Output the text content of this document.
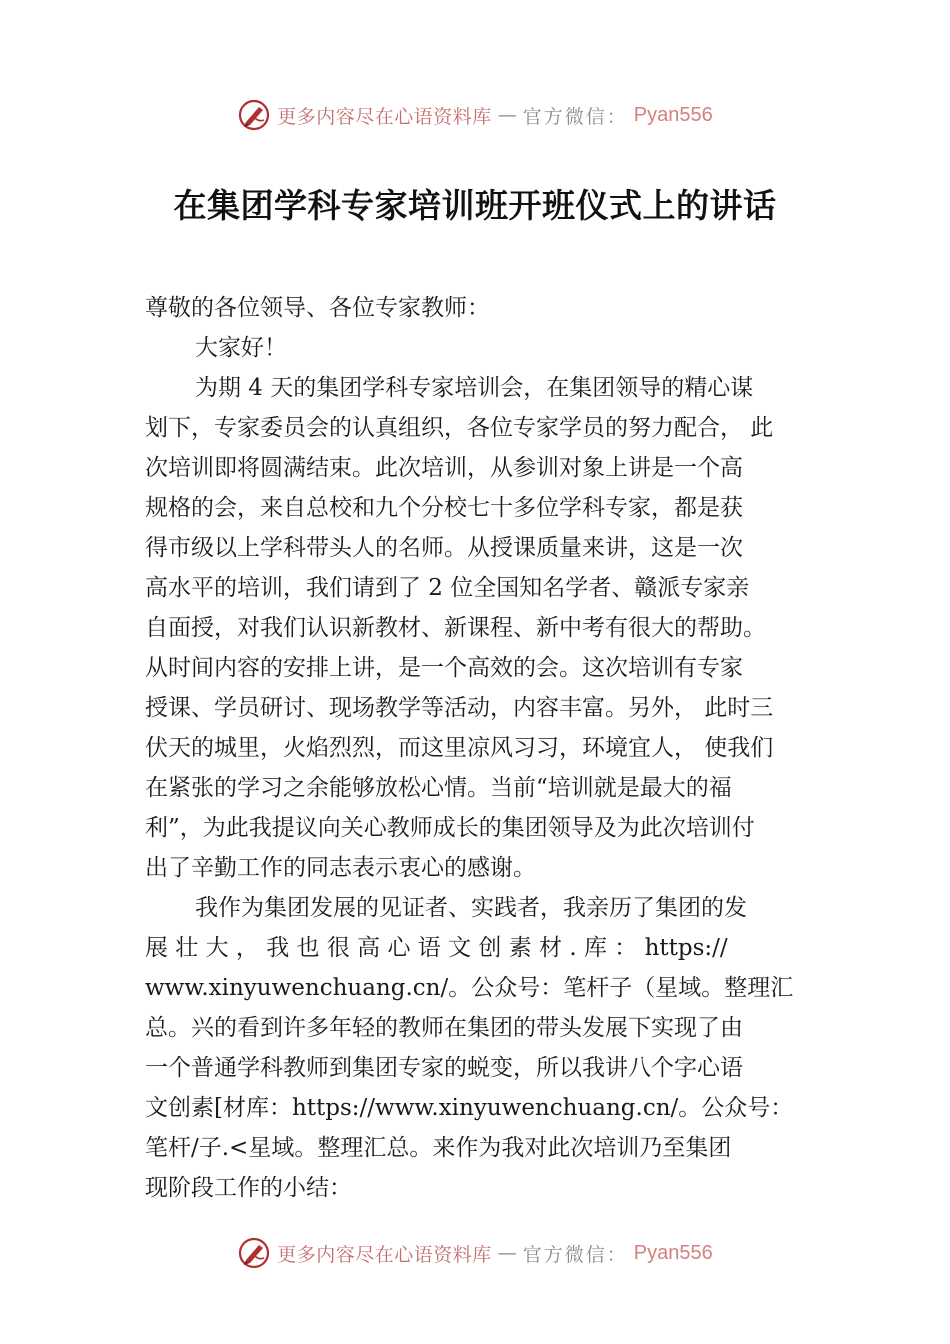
更多内容尽在心语资料库 — 官方微信： Pyan556
在集团学科专家培训班开班仪式上的讲话
尊敬的各位领导、各位专家教师：
大家好！
为期 4 天的集团学科专家培训会，在集团领导的精心谋
划下，专家委员会的认真组织，各位专家学员的努力配合， 此
次培训即将圆满结束。此次培训，从参训对象上讲是一个高
规格的会，来自总校和九个分校七十多位学科专家，都是获
得市级以上学科带头人的名师。从授课质量来讲，这是一次
高水平的培训，我们请到了 2 位全国知名学者、赣派专家亲
自面授，对我们认识新教材、新课程、新中考有很大的帮助。
从时间内容的安排上讲，是一个高效的会。这次培训有专家
授课、学员研讨、现场教学等活动，内容丰富。另外， 此时三
伏天的城里，火焰烈烈，而这里凉风习习，环境宜人， 使我们
在紧张的学习之余能够放松心情。当前“培训就是最大的福
利”，为此我提议向关心教师成长的集团领导及为此次培训付
出了辛勤工作的同志表示衷心的感谢。
我作为集团发展的见证者、实践者，我亲历了集团的发
展 壮 大 ， 我 也 很 高 心 语 文 创 素 材 . 库 ： https://
www.xinyuwenchuang.cn/。公众号：笔杆子（星域。整理汇
总。兴的看到许多年轻的教师在集团的带头发展下实现了由
一个普通学科教师到集团专家的蜕变，所以我讲八个字心语
文创素[材库：https://www.xinyuwenchuang.cn/。公众号：
笔杆/子.<星域。整理汇总。来作为我对此次培训乃至集团
现阶段工作的小结：
更多内容尽在心语资料库 — 官方微信： Pyan556
